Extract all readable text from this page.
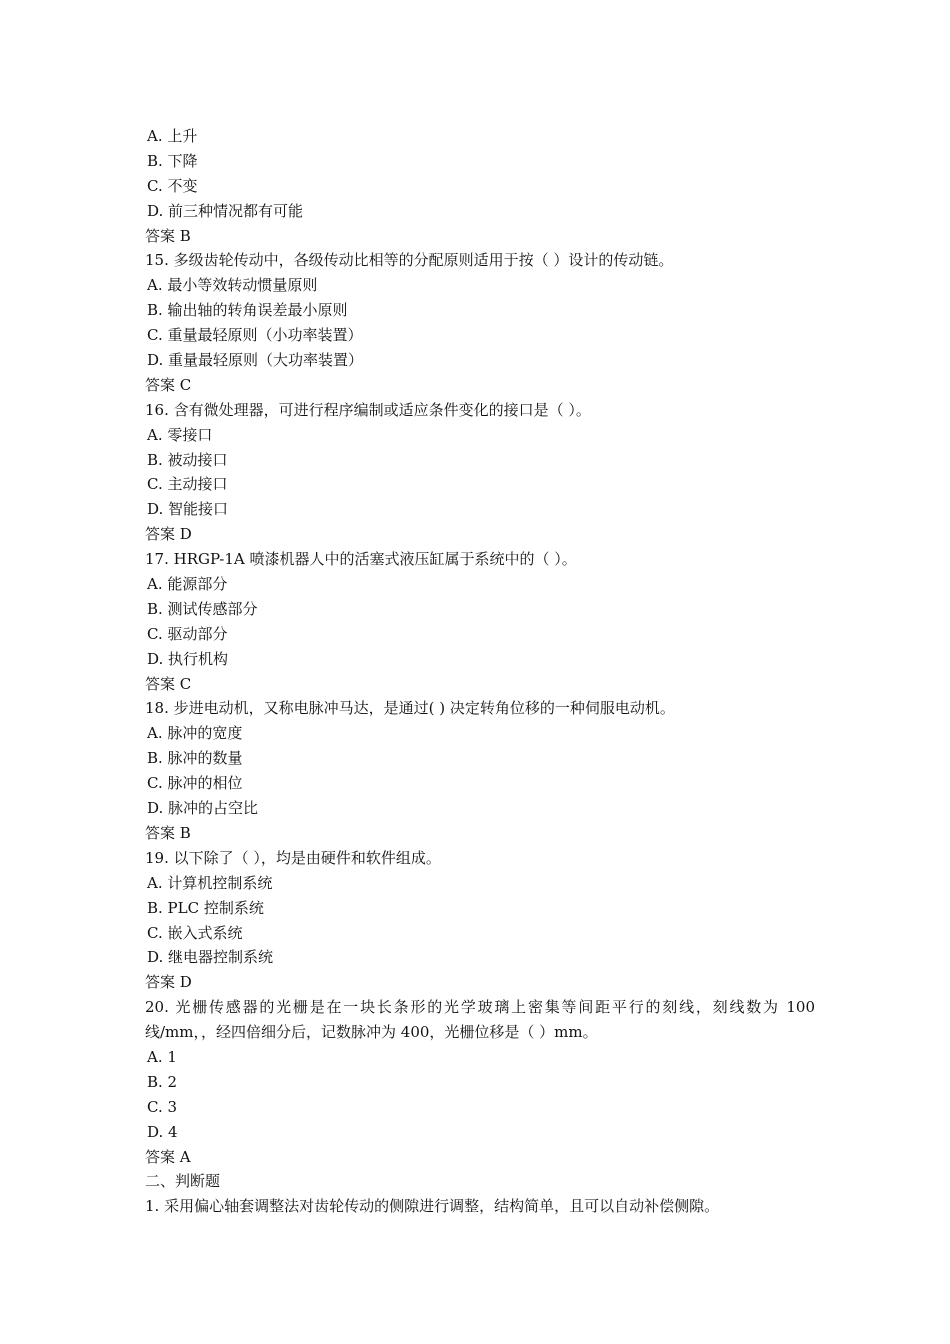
A. 上升
B. 下降
C. 不变
D. 前三种情况都有可能
答案 B
15. 多级齿轮传动中，各级传动比相等的分配原则适用于按（ ）设计的传动链。
A. 最小等效转动惯量原则
B. 输出轴的转角误差最小原则
C. 重量最轻原则（小功率装置）
D. 重量最轻原则（大功率装置）
答案 C
16. 含有微处理器，可进行程序编制或适应条件变化的接口是（ ）。
A. 零接口
B. 被动接口
C. 主动接口
D. 智能接口
答案 D
17. HRGP-1A 喷漆机器人中的活塞式液压缸属于系统中的（ ）。
A. 能源部分
B. 测试传感部分
C. 驱动部分
D. 执行机构
答案 C
18. 步进电动机，又称电脉冲马达，是通过( ) 决定转角位移的一种伺服电动机。
A. 脉冲的宽度
B. 脉冲的数量
C. 脉冲的相位
D. 脉冲的占空比
答案 B
19. 以下除了（ ），均是由硬件和软件组成。
A. 计算机控制系统
B. PLC 控制系统
C. 嵌入式系统
D. 继电器控制系统
答案 D
20. 光栅传感器的光栅是在一块长条形的光学玻璃上密集等间距平行的刻线，刻线数为 100
线/mm，，经四倍细分后，记数脉冲为 400，光栅位移是（ ）mm。
A. 1
B. 2
C. 3
D. 4
答案 A
二、判断题
1. 采用偏心轴套调整法对齿轮传动的侧隙进行调整，结构简单，且可以自动补偿侧隙。
